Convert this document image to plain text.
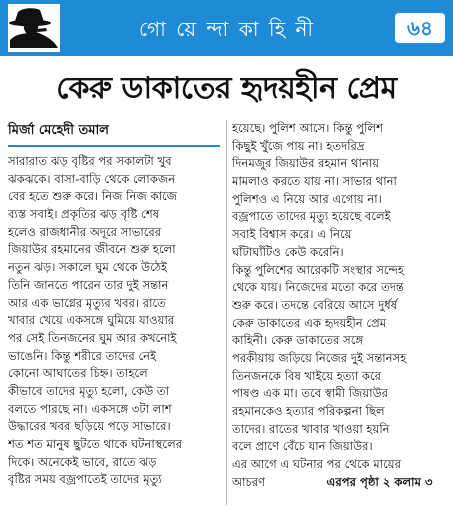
গো য়ে ন্দা কা হি নী	৬৪
কেরু ডাকাতের হৃদয়হীন প্রেম
মির্জা মেহেদী তমাল
সারারাত ঝড় বৃষ্টির পর সকালটা খুব
ঝকঝকে। বাসা-বাড়ি থেকে লোকজন
বের হতে শুরু করে। নিজ নিজ কাজে
ব্যস্ত সবাই। প্রকৃতির ঝড় বৃষ্টি শেষ
হলেও রাজধানীর অদূরে সাভারের
জিয়াউর রহমানের জীবনে শুরু হলো
নতুন ঝড়। সকালে ঘুম থেকে উঠেই
তিনি জানতে পারেন তার দুই সন্তান
আর এক ভাগ্নের মৃত্যুর খবর। রাতে
খাবার খেয়ে একসঙ্গে ঘুমিয়ে যাওয়ার
পর সেই তিনজনের ঘুম আর কখনোই
ভাঙেনি। কিন্তু শরীরে তাদের নেই
কোনো আঘাতের চিহ্ন। তাহলে
কীভাবে তাদের মৃত্যু হলো, কেউ তা
বলতে পারছে না। একসঙ্গে ৩টা লাশ
উদ্ধারের খবর ছড়িয়ে পড়ে সাভারে।
শত শত মানুষ ছুটতে থাকে ঘটনাস্থলের
দিকে। অনেকেই ভাবে, রাতে ঝড়
বৃষ্টির সময় বজ্রপাতেই তাদের মৃত্যু
হয়েছে। পুলিশ আসে। কিন্তু পুলিশ
কিছুই খুঁজে পায় না। হতদরিদ্র
দিনমজুর জিয়াউর রহমান থানায়
মামলাও করতে যায় না। সাভার থানা
পুলিশও এ নিয়ে আর এগোয় না।
বজ্রপাতে তাদের মৃত্যু হয়েছে বলেই
সবাই বিশ্বাস করে। এ নিয়ে
ঘাঁটাঘাঁটিও কেউ করেনি।
কিন্তু পুলিশের আরেকটি সংস্থার সন্দেহ
থেকে যায়। নিজেদের মতো করে তদন্ত
শুরু করে। তদন্তে বেরিয়ে আসে দুর্ধর্ষ
কেরু ডাকাতের এক হৃদয়হীন প্রেম
কাহিনী। কেরু ডাকাতের সঙ্গে
পরকীয়ায় জড়িয়ে নিজের দুই সন্তানসহ
তিনজনকে বিষ খাইয়ে হত্যা করে
পাষণ্ড এক মা। তবে স্বামী জিয়াউর
রহমানকেও হত্যার পরিকল্পনা ছিল
তাদের। রাতের খাবার খাওয়া হয়নি
বলে প্রাণে বেঁচে যান জিয়াউর।
এর আগে এ ঘটনার পর থেকে মায়ের
আচরণ	এরপর পৃষ্ঠা ২ কলাম ৩
